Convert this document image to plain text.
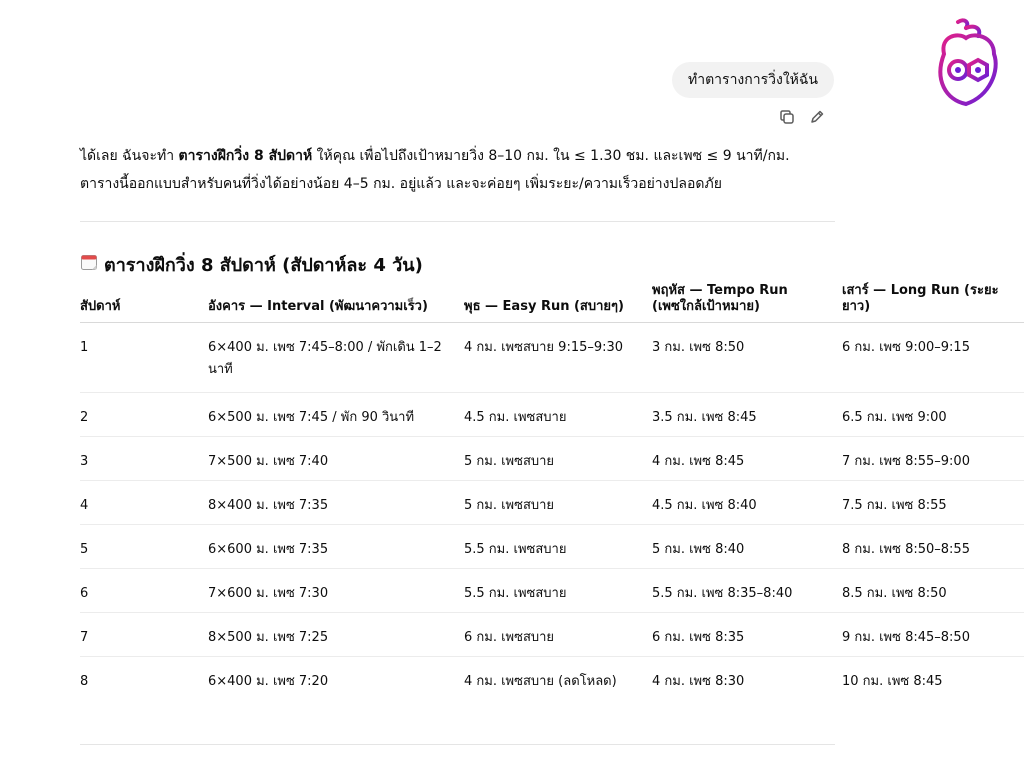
ทำตารางการวิ่งให้ฉัน

ได้เลย ฉันจะทำ ตารางฝึกวิ่ง 8 สัปดาห์ ให้คุณ เพื่อไปถึงเป้าหมายวิ่ง 8–10 กม. ใน ≤ 1.30 ชม. และเพซ ≤ 9 นาที/กม.

ตารางนี้ออกแบบสำหรับคนที่วิ่งได้อย่างน้อย 4–5 กม. อยู่แล้ว และจะค่อยๆ เพิ่มระยะ/ความเร็วอย่างปลอดภัย

ตารางฝึกวิ่ง 8 สัปดาห์ (สัปดาห์ละ 4 วัน)
สัปดาห์	อังคาร — Interval (พัฒนาความเร็ว)	พุธ — Easy Run (สบายๆ)	พฤหัส — Tempo Run
(เพซใกล้เป้าหมาย)	เสาร์ — Long Run (ระยะยาว)
1	6×400 ม. เพซ 7:45–8:00 / พักเดิน 1–2 นาที	4 กม. เพซสบาย 9:15–9:30	3 กม. เพซ 8:50	6 กม. เพซ 9:00–9:15
2	6×500 ม. เพซ 7:45 / พัก 90 วินาที	4.5 กม. เพซสบาย	3.5 กม. เพซ 8:45	6.5 กม. เพซ 9:00
3	7×500 ม. เพซ 7:40	5 กม. เพซสบาย	4 กม. เพซ 8:45	7 กม. เพซ 8:55–9:00
4	8×400 ม. เพซ 7:35	5 กม. เพซสบาย	4.5 กม. เพซ 8:40	7.5 กม. เพซ 8:55
5	6×600 ม. เพซ 7:35	5.5 กม. เพซสบาย	5 กม. เพซ 8:40	8 กม. เพซ 8:50–8:55
6	7×600 ม. เพซ 7:30	5.5 กม. เพซสบาย	5.5 กม. เพซ 8:35–8:40	8.5 กม. เพซ 8:50
7	8×500 ม. เพซ 7:25	6 กม. เพซสบาย	6 กม. เพซ 8:35	9 กม. เพซ 8:45–8:50
8	6×400 ม. เพซ 7:20	4 กม. เพซสบาย (ลดโหลด)	4 กม. เพซ 8:30	10 กม. เพซ 8:45
